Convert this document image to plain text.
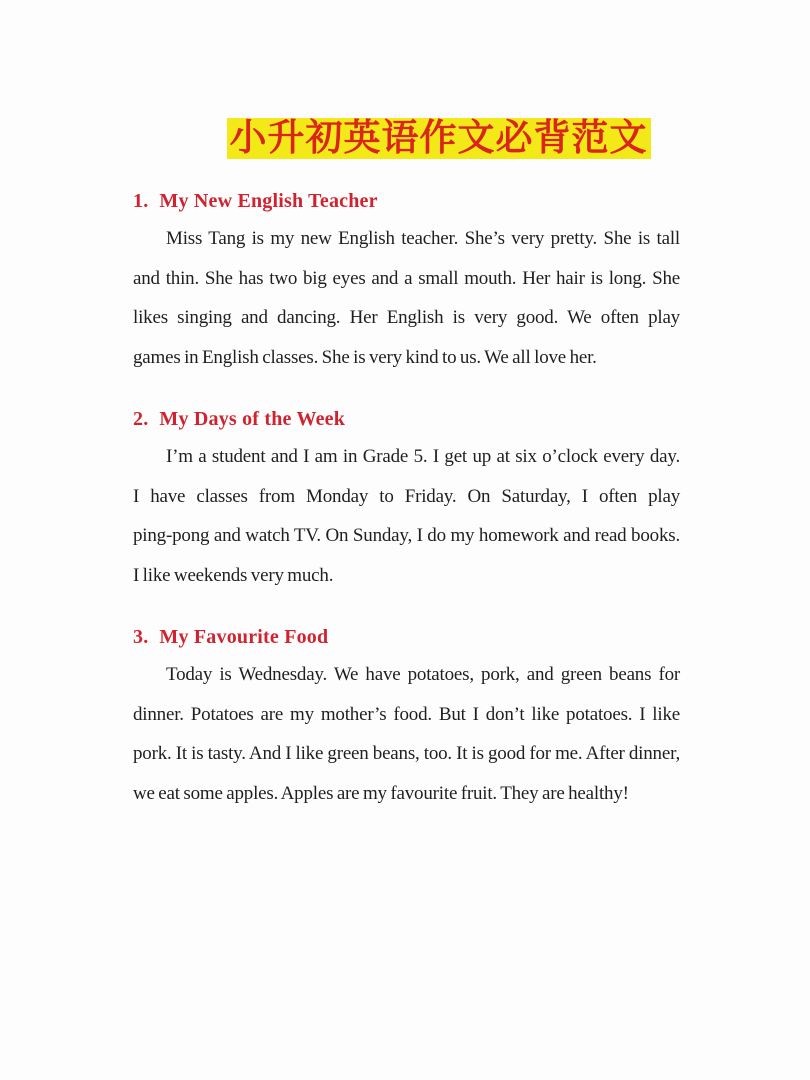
小升初英语作文必背范文
1. My New English Teacher
Miss Tang is my new English teacher. She’s very pretty. She is tall
and thin. She has two big eyes and a small mouth. Her hair is long. She
likes singing and dancing. Her English is very good. We often play
games in English classes. She is very kind to us. We all love her.
2. My Days of the Week
I’m a student and I am in Grade 5. I get up at six o’clock every day.
I have classes from Monday to Friday. On Saturday, I often play
ping-pong and watch TV. On Sunday, I do my homework and read books.
I like weekends very much.
3. My Favourite Food
Today is Wednesday. We have potatoes, pork, and green beans for
dinner. Potatoes are my mother’s food. But I don’t like potatoes. I like
pork. It is tasty. And I like green beans, too. It is good for me. After dinner,
we eat some apples. Apples are my favourite fruit. They are healthy!
